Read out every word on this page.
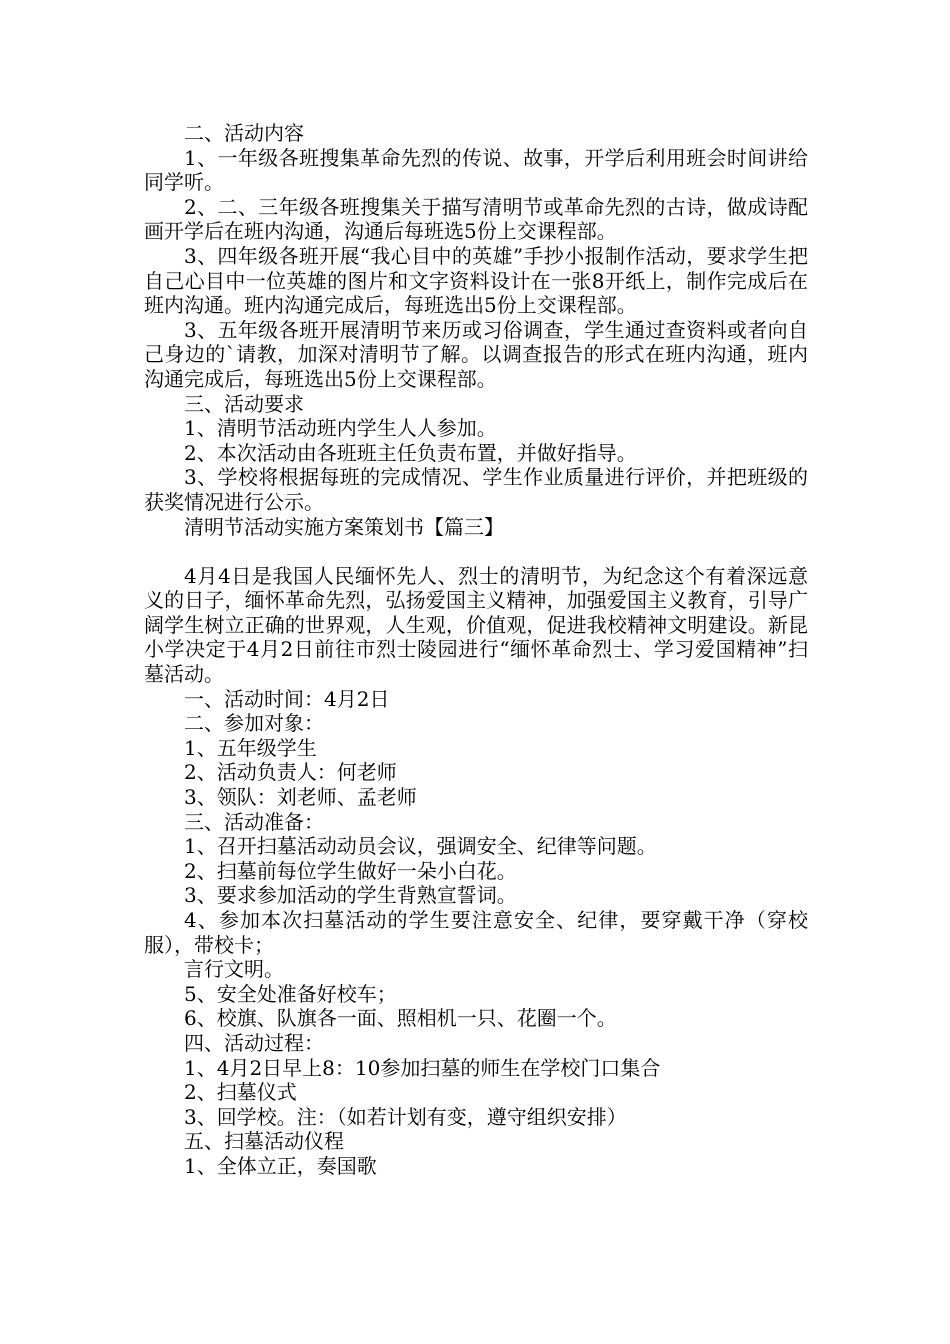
二、活动内容

1、一年级各班搜集革命先烈的传说、故事，开学后利用班会时间讲给同学听。

2、二、三年级各班搜集关于描写清明节或革命先烈的古诗，做成诗配画开学后在班内沟通，沟通后每班选5份上交课程部。

3、四年级各班开展“我心目中的英雄”手抄小报制作活动，要求学生把自己心目中一位英雄的图片和文字资料设计在一张8开纸上，制作完成后在班内沟通。班内沟通完成后，每班选出5份上交课程部。

3、五年级各班开展清明节来历或习俗调查，学生通过查资料或者向自己身边的`请教，加深对清明节了解。以调查报告的形式在班内沟通，班内沟通完成后，每班选出5份上交课程部。

三、活动要求

1、清明节活动班内学生人人参加。

2、本次活动由各班班主任负责布置，并做好指导。

3、学校将根据每班的完成情况、学生作业质量进行评价，并把班级的获奖情况进行公示。

清明节活动实施方案策划书【篇三】

4月4日是我国人民缅怀先人、烈士的清明节，为纪念这个有着深远意义的日子，缅怀革命先烈，弘扬爱国主义精神，加强爱国主义教育，引导广阔学生树立正确的世界观，人生观，价值观，促进我校精神文明建设。新昆小学决定于4月2日前往市烈士陵园进行“缅怀革命烈士、学习爱国精神”扫墓活动。

一、活动时间：4月2日

二、参加对象：

1、五年级学生

2、活动负责人：何老师

3、领队：刘老师、孟老师

三、活动准备：

1、召开扫墓活动动员会议，强调安全、纪律等问题。

2、扫墓前每位学生做好一朵小白花。

3、要求参加活动的学生背熟宣誓词。

4、参加本次扫墓活动的学生要注意安全、纪律，要穿戴干净（穿校服），带校卡；

言行文明。

5、安全处准备好校车；

6、校旗、队旗各一面、照相机一只、花圈一个。

四、活动过程：

1、4月2日早上8：10参加扫墓的师生在学校门口集合

2、扫墓仪式

3、回学校。注：（如若计划有变，遵守组织安排）

五、扫墓活动仪程

1、全体立正，奏国歌
